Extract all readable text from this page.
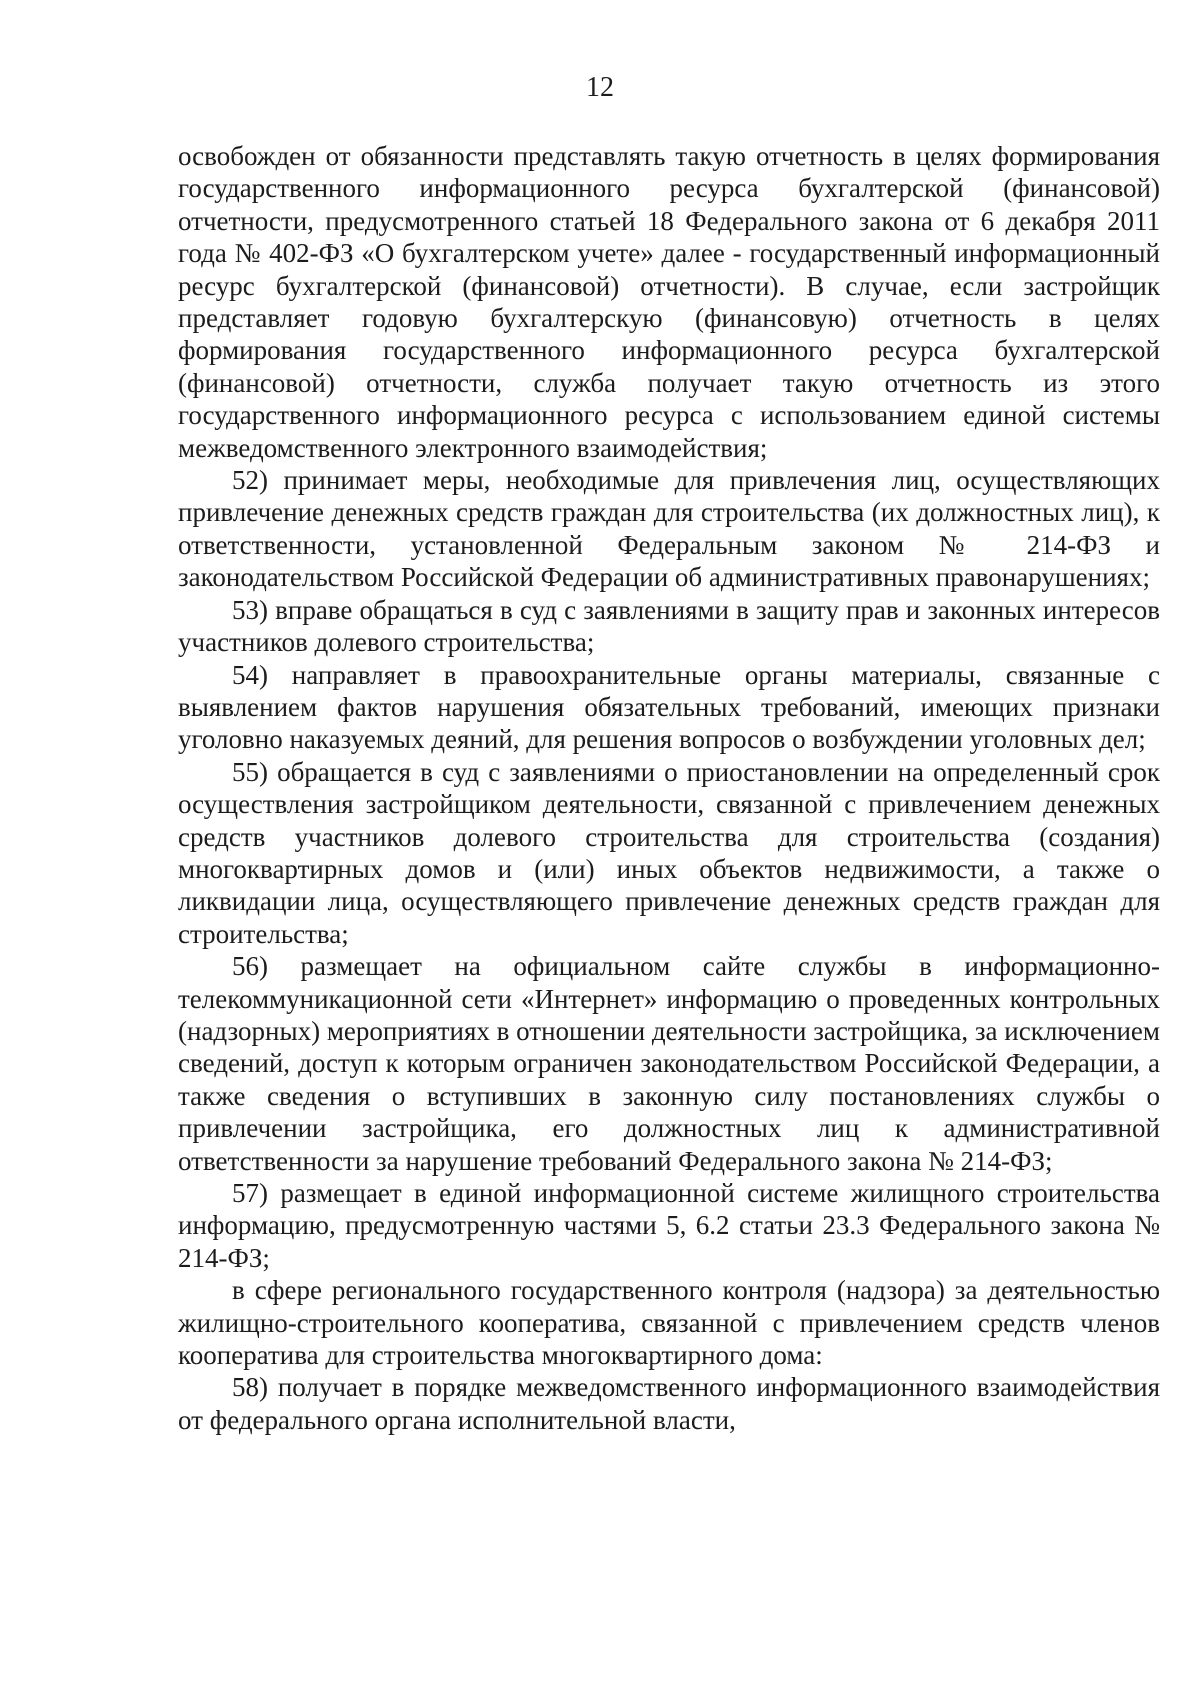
12

освобожден от обязанности представлять такую отчетность в целях формирования государственного информационного ресурса бухгалтерской (финансовой) отчетности, предусмотренного статьей 18 Федерального закона от 6 декабря 2011 года № 402-ФЗ «О бухгалтерском учете» далее - государственный информационный ресурс бухгалтерской (финансовой) отчетности). В случае, если застройщик представляет годовую бухгалтерскую (финансовую) отчетность в целях формирования государственного информационного ресурса бухгалтерской (финансовой) отчетности, служба получает такую отчетность из этого государственного информационного ресурса с использованием единой системы межведомственного электронного взаимодействия;

52) принимает меры, необходимые для привлечения лиц, осуществляющих привлечение денежных средств граждан для строительства (их должностных лиц), к ответственности, установленной Федеральным законом № 214-ФЗ и законодательством Российской Федерации об административных правонарушениях;

53) вправе обращаться в суд с заявлениями в защиту прав и законных интересов участников долевого строительства;

54) направляет в правоохранительные органы материалы, связанные с выявлением фактов нарушения обязательных требований, имеющих признаки уголовно наказуемых деяний, для решения вопросов о возбуждении уголовных дел;

55) обращается в суд с заявлениями о приостановлении на определенный срок осуществления застройщиком деятельности, связанной с привлечением денежных средств участников долевого строительства для строительства (создания) многоквартирных домов и (или) иных объектов недвижимости, а также о ликвидации лица, осуществляющего привлечение денежных средств граждан для строительства;

56) размещает на официальном сайте службы в информационно-телекоммуникационной сети «Интернет» информацию о проведенных контрольных (надзорных) мероприятиях в отношении деятельности застройщика, за исключением сведений, доступ к которым ограничен законодательством Российской Федерации, а также сведения о вступивших в законную силу постановлениях службы о привлечении застройщика, его должностных лиц к административной ответственности за нарушение требований Федерального закона № 214-ФЗ;

57) размещает в единой информационной системе жилищного строительства информацию, предусмотренную частями 5, 6.2 статьи 23.3 Федерального закона № 214-ФЗ;

в сфере регионального государственного контроля (надзора) за деятельностью жилищно-строительного кооператива, связанной с привлечением средств членов кооператива для строительства многоквартирного дома:

58) получает в порядке межведомственного информационного взаимодействия от федерального органа исполнительной власти,
